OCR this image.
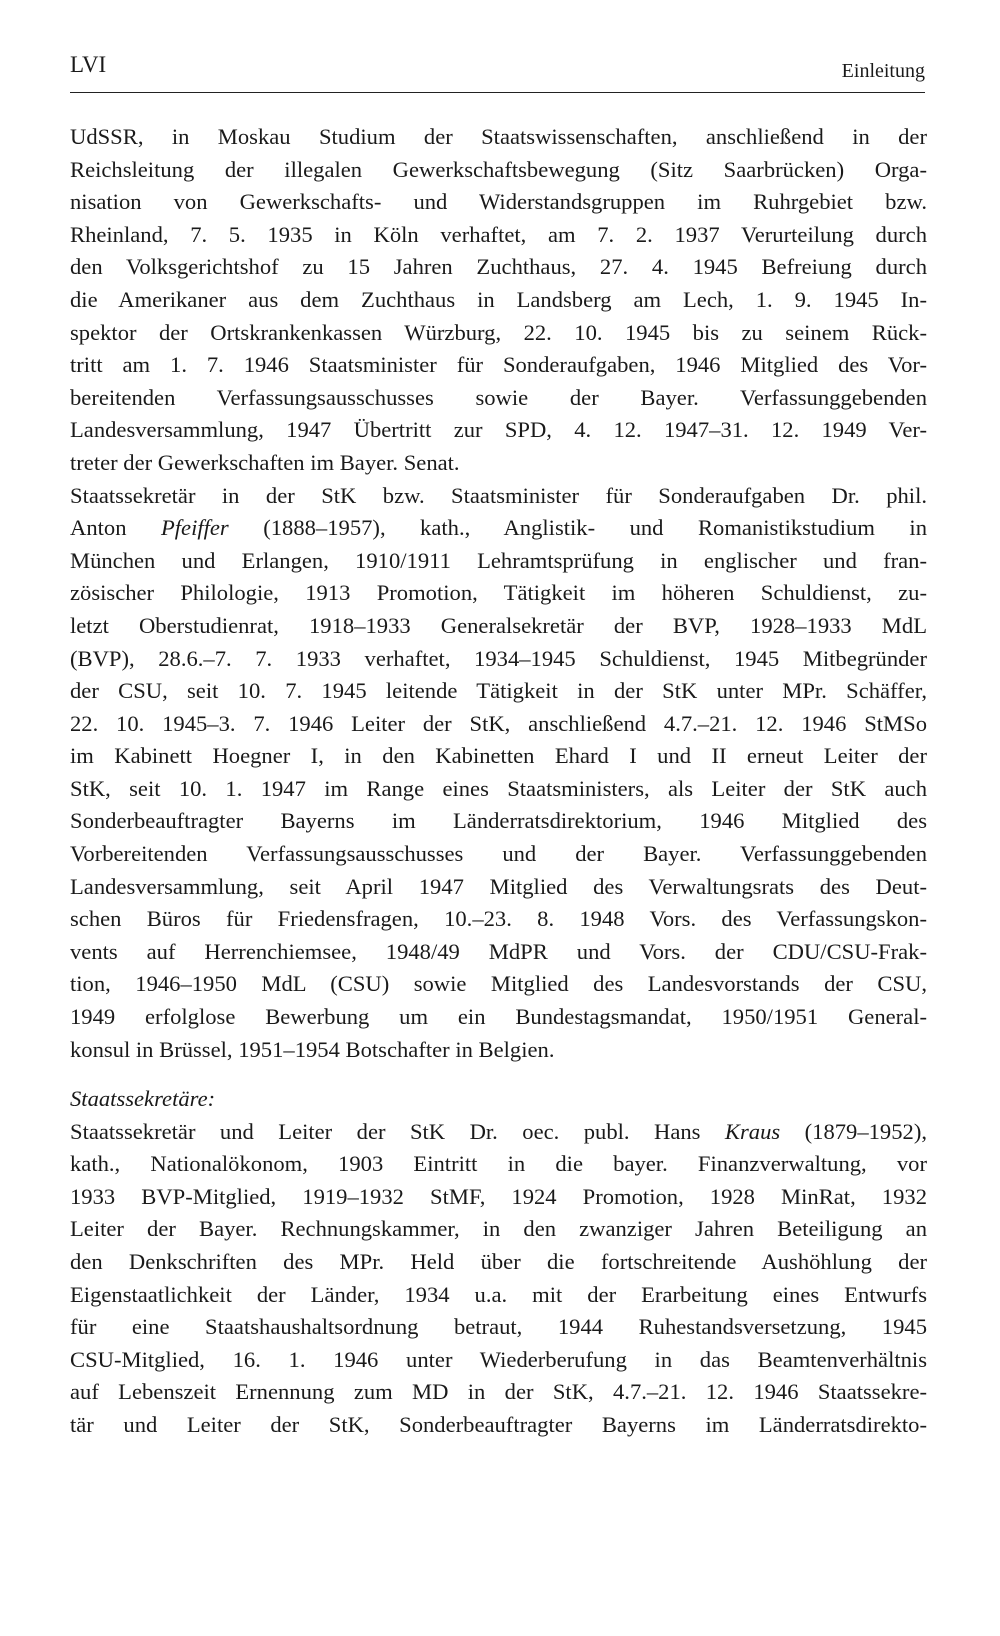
LVI	Einleitung
UdSSR, in Moskau Studium der Staatswissenschaften, anschließend in der
Reichsleitung der illegalen Gewerkschaftsbewegung (Sitz Saarbrücken) Orga-
nisation von Gewerkschafts- und Widerstandsgruppen im Ruhrgebiet bzw.
Rheinland, 7. 5. 1935 in Köln verhaftet, am 7. 2. 1937 Verurteilung durch
den Volksgerichtshof zu 15 Jahren Zuchthaus, 27. 4. 1945 Befreiung durch
die Amerikaner aus dem Zuchthaus in Landsberg am Lech, 1. 9. 1945 In-
spektor der Ortskrankenkassen Würzburg, 22. 10. 1945 bis zu seinem Rück-
tritt am 1. 7. 1946 Staatsminister für Sonderaufgaben, 1946 Mitglied des Vor-
bereitenden Verfassungsausschusses sowie der Bayer. Verfassunggebenden
Landesversammlung, 1947 Übertritt zur SPD, 4. 12. 1947–31. 12. 1949 Ver-
treter der Gewerkschaften im Bayer. Senat.
Staatssekretär in der StK bzw. Staatsminister für Sonderaufgaben Dr. phil.
Anton Pfeiffer (1888–1957), kath., Anglistik- und Romanistikstudium in
München und Erlangen, 1910/1911 Lehramtsprüfung in englischer und fran-
zösischer Philologie, 1913 Promotion, Tätigkeit im höheren Schuldienst, zu-
letzt Oberstudienrat, 1918–1933 Generalsekretär der BVP, 1928–1933 MdL
(BVP), 28.6.–7. 7. 1933 verhaftet, 1934–1945 Schuldienst, 1945 Mitbegründer
der CSU, seit 10. 7. 1945 leitende Tätigkeit in der StK unter MPr. Schäffer,
22. 10. 1945–3. 7. 1946 Leiter der StK, anschließend 4.7.–21. 12. 1946 StMSo
im Kabinett Hoegner I, in den Kabinetten Ehard I und II erneut Leiter der
StK, seit 10. 1. 1947 im Range eines Staatsministers, als Leiter der StK auch
Sonderbeauftragter Bayerns im Länderratsdirektorium, 1946 Mitglied des
Vorbereitenden Verfassungsausschusses und der Bayer. Verfassunggebenden
Landesversammlung, seit April 1947 Mitglied des Verwaltungsrats des Deut-
schen Büros für Friedensfragen, 10.–23. 8. 1948 Vors. des Verfassungskon-
vents auf Herrenchiemsee, 1948/49 MdPR und Vors. der CDU/CSU-Frak-
tion, 1946–1950 MdL (CSU) sowie Mitglied des Landesvorstands der CSU,
1949 erfolglose Bewerbung um ein Bundestagsmandat, 1950/1951 General-
konsul in Brüssel, 1951–1954 Botschafter in Belgien.
Staatssekretäre:
Staatssekretär und Leiter der StK Dr. oec. publ. Hans Kraus (1879–1952),
kath., Nationalökonom, 1903 Eintritt in die bayer. Finanzverwaltung, vor
1933 BVP-Mitglied, 1919–1932 StMF, 1924 Promotion, 1928 MinRat, 1932
Leiter der Bayer. Rechnungskammer, in den zwanziger Jahren Beteiligung an
den Denkschriften des MPr. Held über die fortschreitende Aushöhlung der
Eigenstaatlichkeit der Länder, 1934 u.a. mit der Erarbeitung eines Entwurfs
für eine Staatshaushaltsordnung betraut, 1944 Ruhestandsversetzung, 1945
CSU-Mitglied, 16. 1. 1946 unter Wiederberufung in das Beamtenverhältnis
auf Lebenszeit Ernennung zum MD in der StK, 4.7.–21. 12. 1946 Staatssekre-
tär und Leiter der StK, Sonderbeauftragter Bayerns im Länderratsdirekto-
